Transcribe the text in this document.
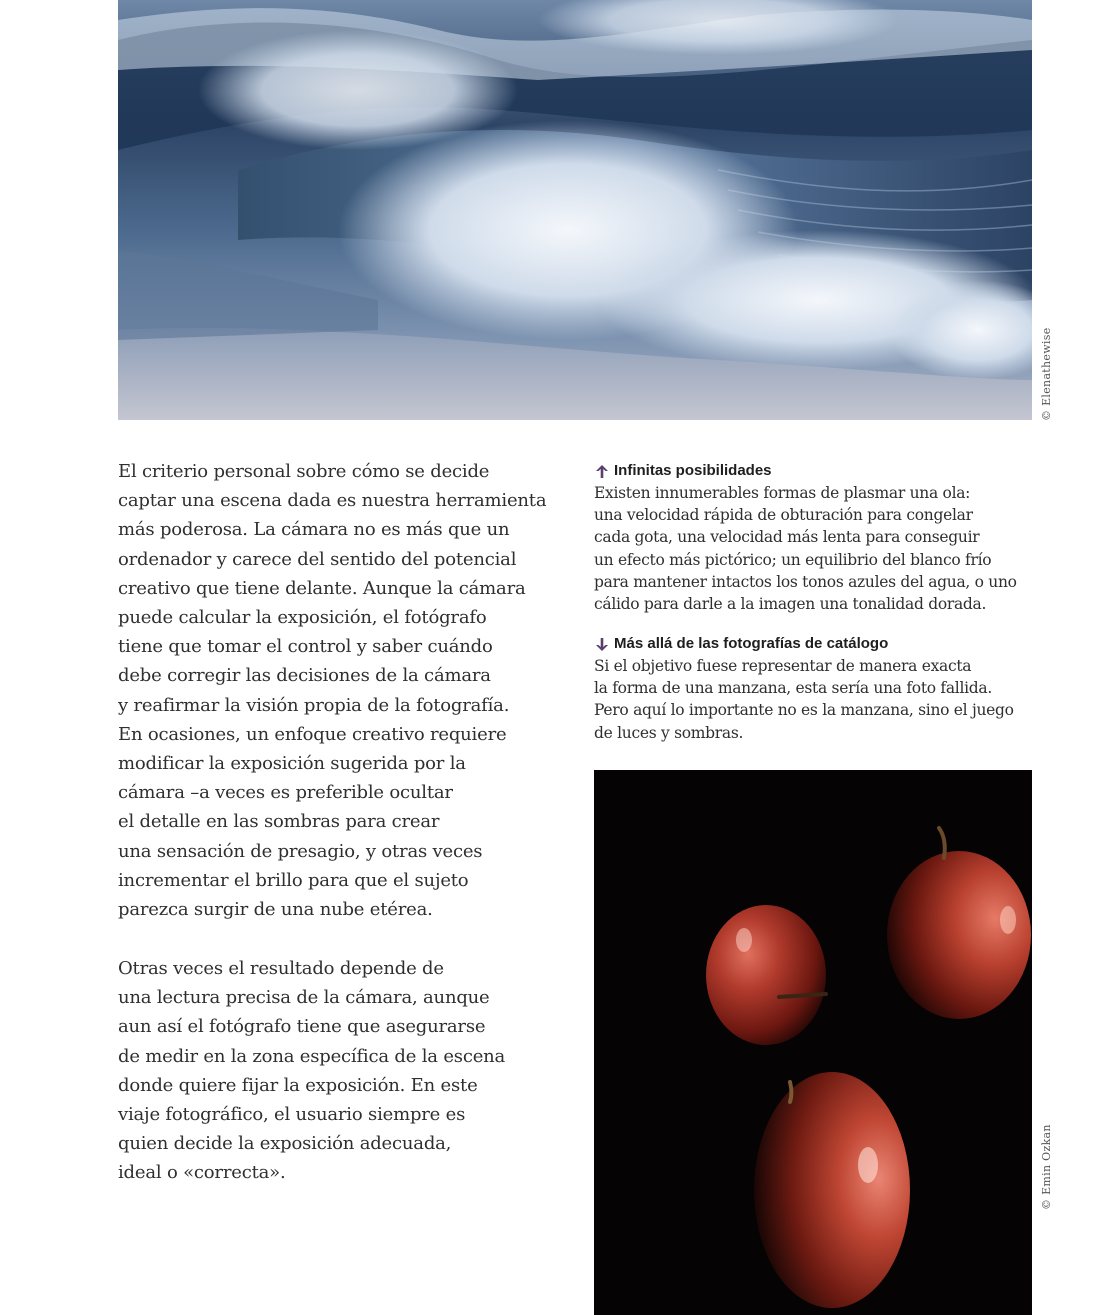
© Elenathewise

El criterio personal sobre cómo se decide
captar una escena dada es nuestra herramienta
más poderosa. La cámara no es más que un
ordenador y carece del sentido del potencial
creativo que tiene delante. Aunque la cámara
puede calcular la exposición, el fotógrafo
tiene que tomar el control y saber cuándo
debe corregir las decisiones de la cámara
y reafirmar la visión propia de la fotografía.
En ocasiones, un enfoque creativo requiere
modificar la exposición sugerida por la
cámara –a veces es preferible ocultar
el detalle en las sombras para crear
una sensación de presagio, y otras veces
incrementar el brillo para que el sujeto
parezca surgir de una nube etérea.

Otras veces el resultado depende de
una lectura precisa de la cámara, aunque
aun así el fotógrafo tiene que asegurarse
de medir en la zona específica de la escena
donde quiere fijar la exposición. En este
viaje fotográfico, el usuario siempre es
quien decide la exposición adecuada,
ideal o «correcta».

Infinitas posibilidades

Existen innumerables formas de plasmar una ola:
una velocidad rápida de obturación para congelar
cada gota, una velocidad más lenta para conseguir
un efecto más pictórico; un equilibrio del blanco frío
para mantener intactos los tonos azules del agua, o uno
cálido para darle a la imagen una tonalidad dorada.

Más allá de las fotografías de catálogo

Si el objetivo fuese representar de manera exacta
la forma de una manzana, esta sería una foto fallida.
Pero aquí lo importante no es la manzana, sino el juego
de luces y sombras.

© Emin Ozkan
